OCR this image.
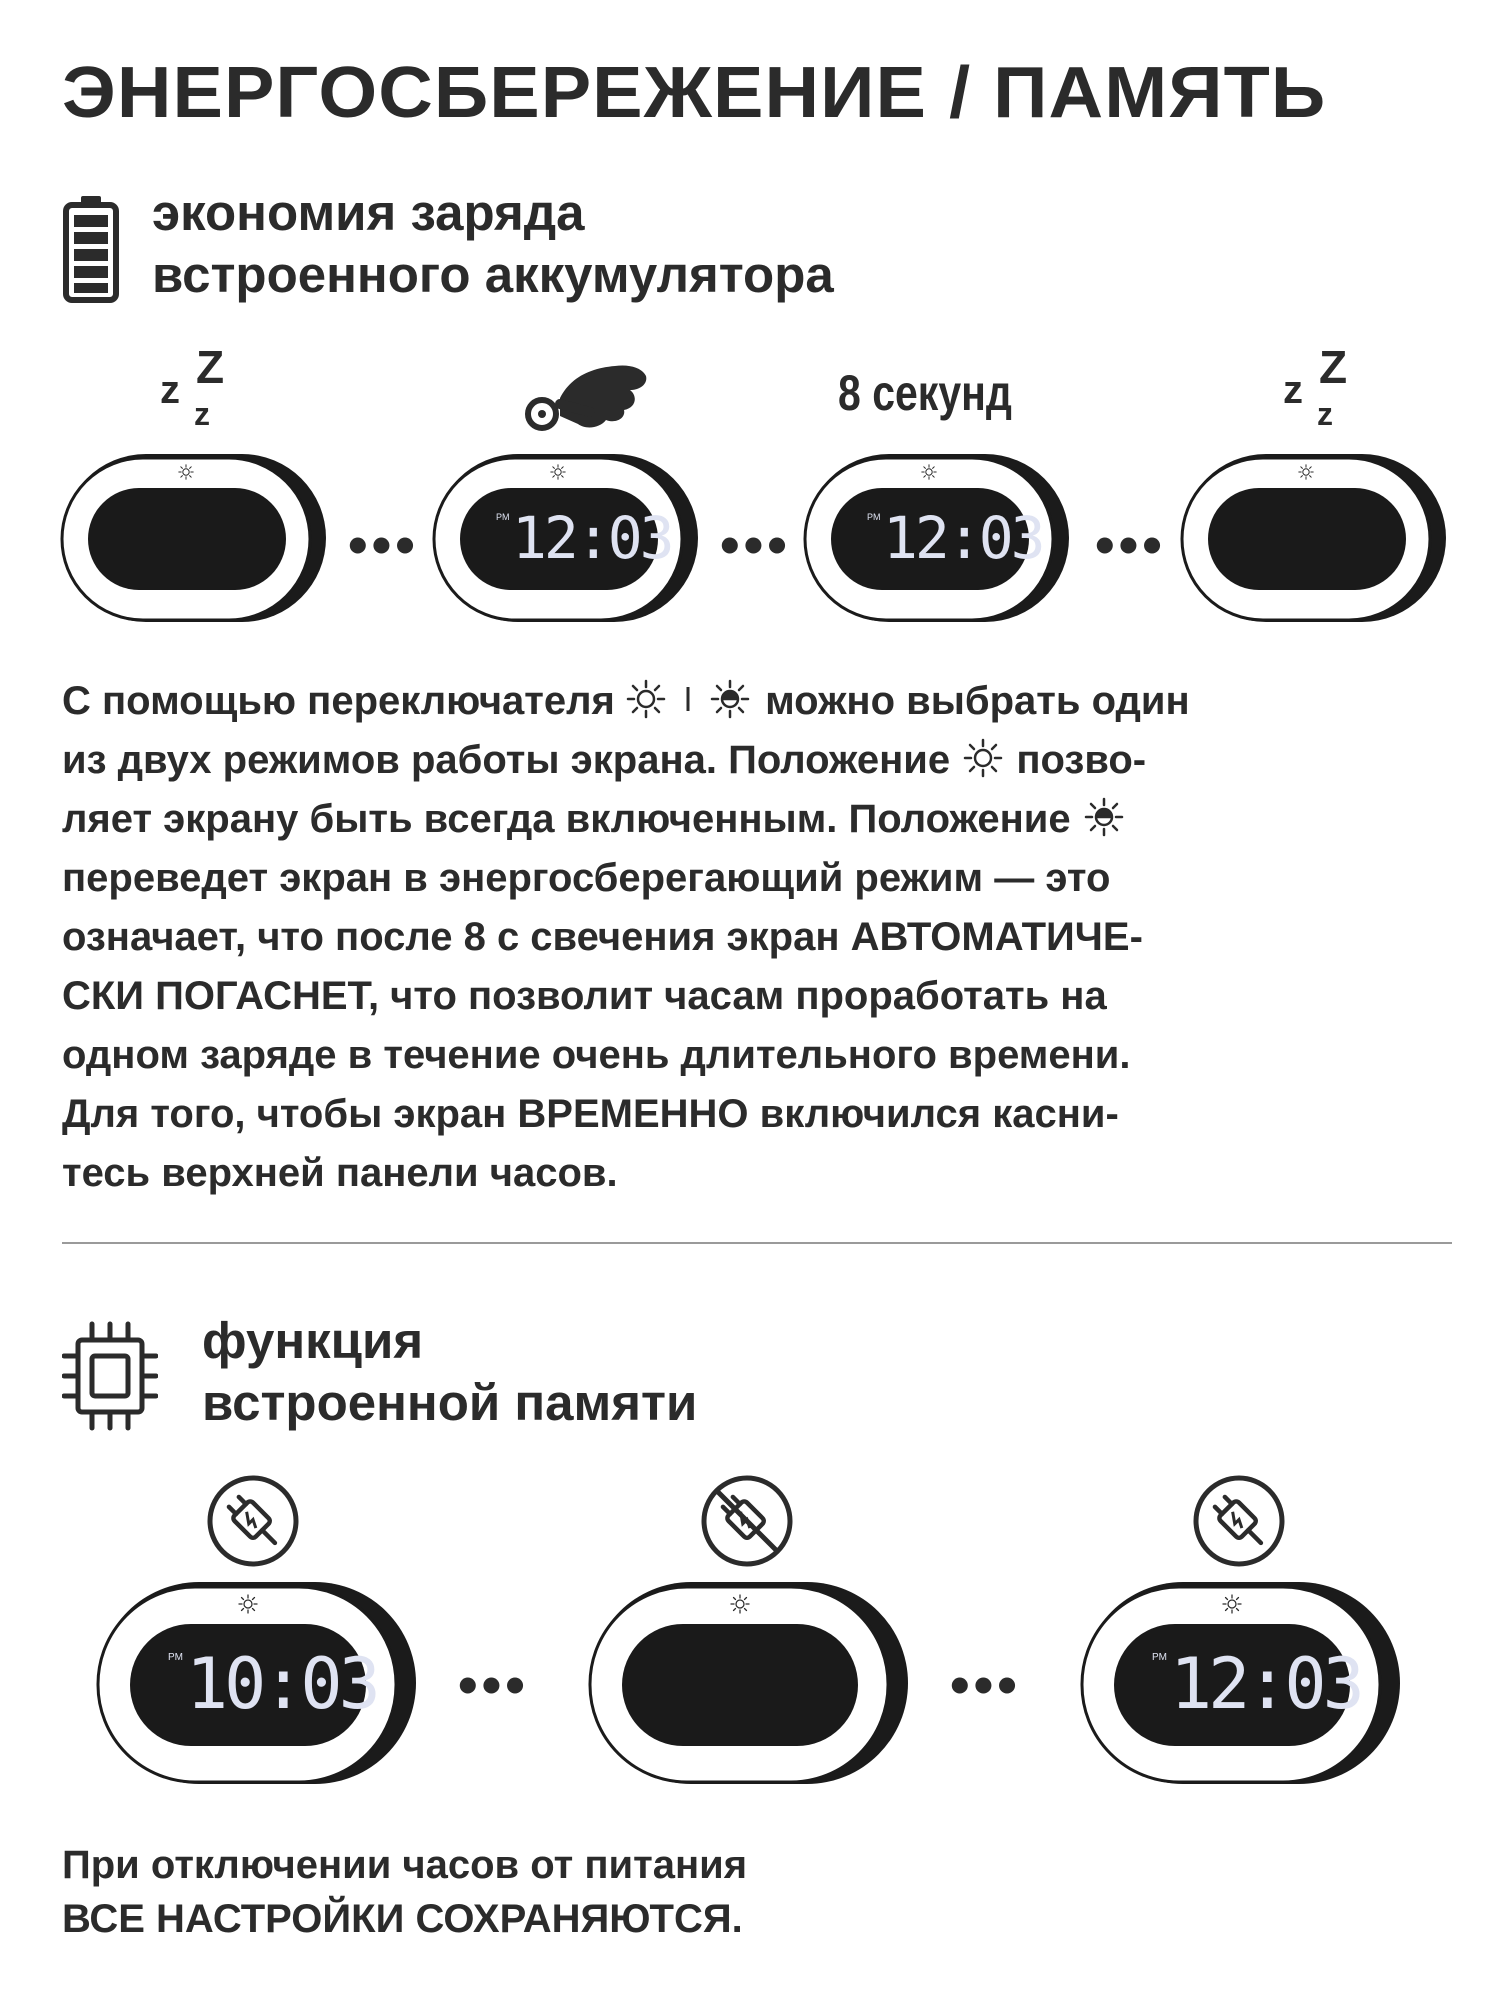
ЭНЕРГОСБЕРЕЖЕНИЕ / ПАМЯТЬ
экономия заряда
встроенного аккумулятора
z Z
z	8 секунд	z Z
z
•••	PM 12:03 •••	PM 12:03 •••
С помощью переключателя	можно выбрать один
из двух режимов работы экрана. Положение  позво-
ляет экрану быть всегда включенным. Положение
переведет экран в энергосберегающий режим — это
означает, что после 8 с свечения экран АВТОМАТИЧЕ-
СКИ ПОГАСНЕТ, что позволит часам проработать на
одном заряде в течение очень длительного времени.
Для того, чтобы экран ВРЕМЕННО включился касни-
тесь верхней панели часов.
функция
встроенной памяти
PM 10:03 •••	•••	PM 12:03
При отключении часов от питания
ВСЕ НАСТРОЙКИ СОХРАНЯЮТСЯ.
